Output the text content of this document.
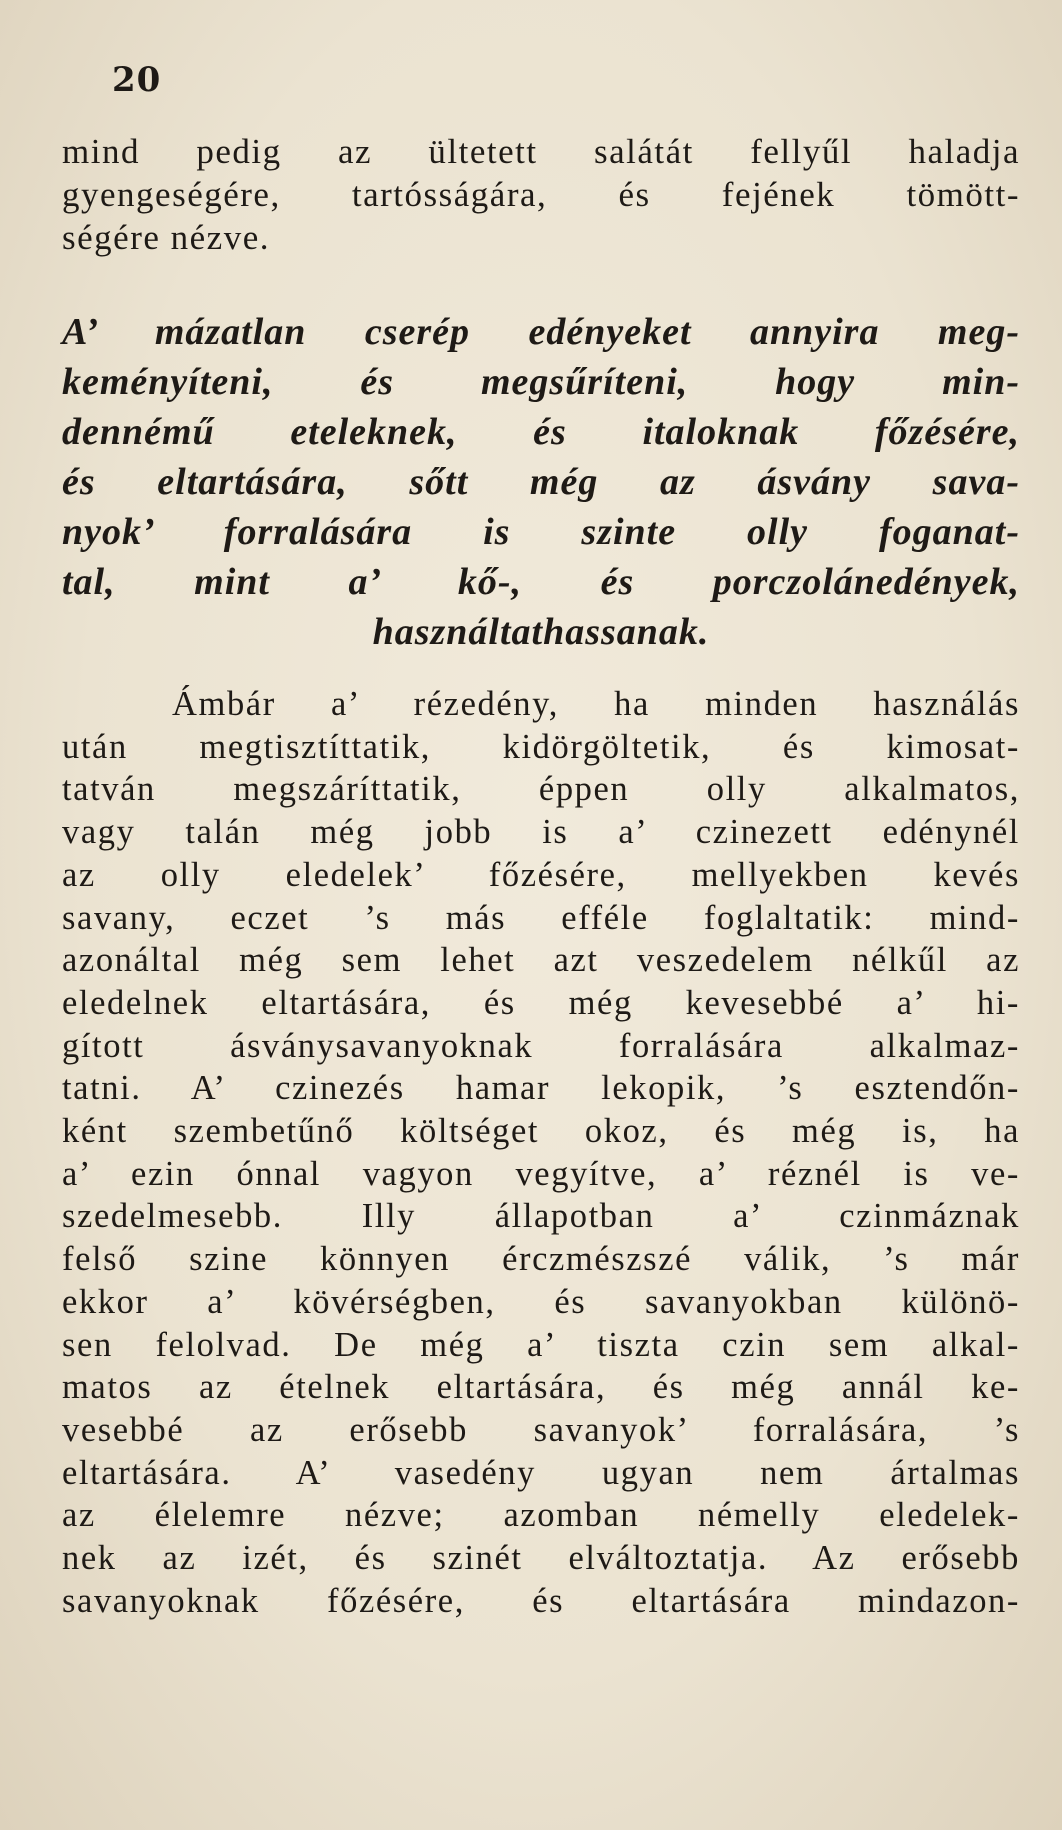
20
mind pedig az ültetett salátát fellyűl haladja
gyengeségére, tartósságára, és fejének tömött-
ségére nézve.
A’ mázatlan cserép edényeket annyira meg-
keményíteni, és megsűríteni, hogy min-
dennémű eteleknek, és italoknak főzésére,
és eltartására, sőtt még az ásvány sava-
nyok’ forralására is szinte olly foganat-
tal, mint a’ kő-, és porczolánedények,
használtathassanak.
Ámbár a’ rézedény, ha minden használás
után megtisztíttatik, kidörgöltetik, és kimosat-
tatván megszáríttatik, éppen olly alkalmatos,
vagy talán még jobb is a’ czinezett edénynél
az olly eledelek’ főzésére, mellyekben kevés
savany, eczet ’s más efféle foglaltatik: mind-
azonáltal még sem lehet azt veszedelem nélkűl az
eledelnek eltartására, és még kevesebbé a’ hi-
gított ásványsavanyoknak forralására alkalmaz-
tatni. A’ czinezés hamar lekopik, ’s esztendőn-
ként szembetűnő költséget okoz, és még is, ha
a’ ezin ónnal vagyon vegyítve, a’ réznél is ve-
szedelmesebb. Illy állapotban a’ czinmáznak
felső szine könnyen érczmészszé válik, ’s már
ekkor a’ kövérségben, és savanyokban különö-
sen felolvad. De még a’ tiszta czin sem alkal-
matos az ételnek eltartására, és még annál ke-
vesebbé az erősebb savanyok’ forralására, ’s
eltartására. A’ vasedény ugyan nem ártalmas
az élelemre nézve; azomban némelly eledelek-
nek az izét, és szinét elváltoztatja. Az erősebb
savanyoknak főzésére, és eltartására mindazon-
